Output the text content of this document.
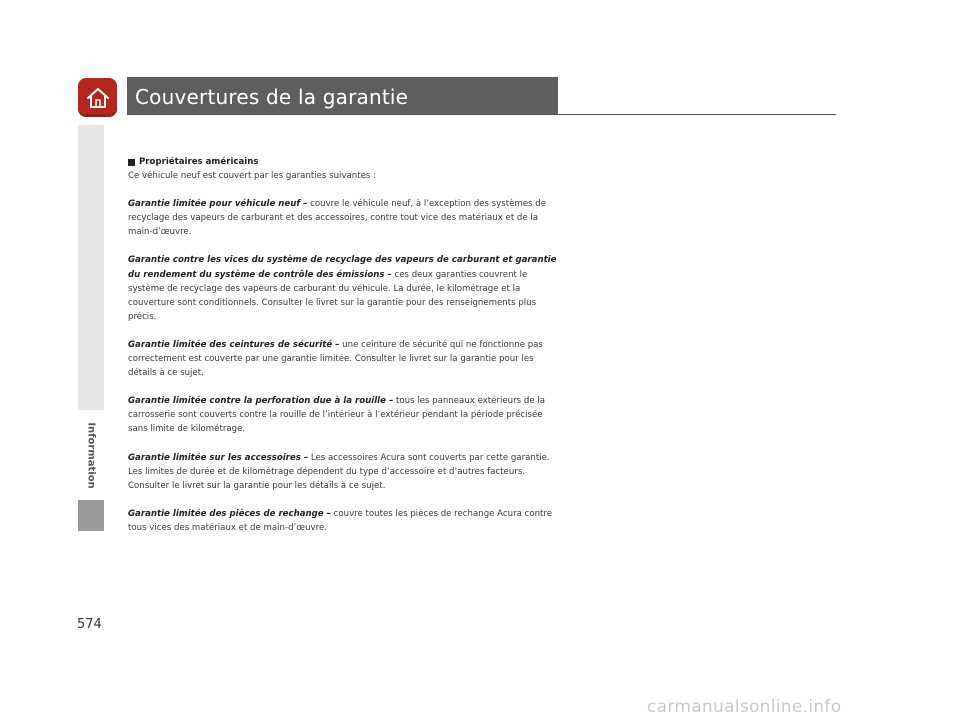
Couvertures de la garantie
Information

Propriétaires américains

Ce véhicule neuf est couvert par les garanties suivantes :

Garantie limitée pour véhicule neuf – couvre le véhicule neuf, à l’exception des systèmes de recyclage des vapeurs de carburant et des accessoires, contre tout vice des matériaux et de la main-d’œuvre.

Garantie contre les vices du système de recyclage des vapeurs de carburant et garantie du rendement du système de contrôle des émissions – ces deux garanties couvrent le système de recyclage des vapeurs de carburant du véhicule. La durée, le kilométrage et la couverture sont conditionnels. Consulter le livret sur la garantie pour des renseignements plus précis.

Garantie limitée des ceintures de sécurité – une ceinture de sécurité qui ne fonctionne pas correctement est couverte par une garantie limitée. Consulter le livret sur la garantie pour les détails à ce sujet.

Garantie limitée contre la perforation due à la rouille – tous les panneaux extérieurs de la carrosserie sont couverts contre la rouille de l’intérieur à l’extérieur pendant la période précisée sans limite de kilométrage.

Garantie limitée sur les accessoires – Les accessoires Acura sont couverts par cette garantie. Les limites de durée et de kilométrage dépendent du type d’accessoire et d’autres facteurs. Consulter le livret sur la garantie pour les détails à ce sujet.

Garantie limitée des pièces de rechange – couvre toutes les pièces de rechange Acura contre tous vices des matériaux et de main-d’œuvre.

574
carmanualsonline.info
